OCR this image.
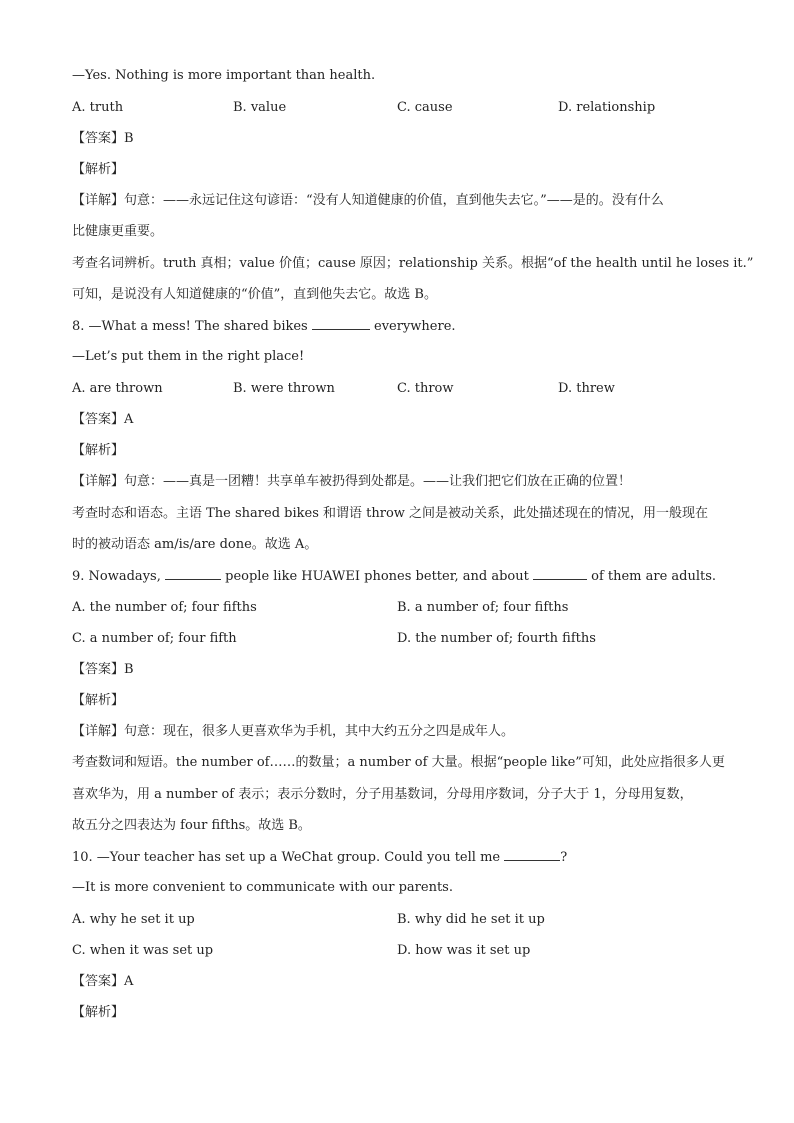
—Yes. Nothing is more important than health.
A. truth	B. value	C. cause	D. relationship
【答案】B
【解析】
【详解】句意：——永远记住这句谚语：“没有人知道健康的价值，直到他失去它。”——是的。没有什么
比健康更重要。
考查名词辨析。truth 真相；value 价值；cause 原因；relationship 关系。根据“of the health until he loses it.”
可知，是说没有人知道健康的“价值”，直到他失去它。故选 B。
8. —What a mess! The shared bikes	everywhere.
—Let’s put them in the right place!
A. are thrown	B. were thrown	C. throw	D. threw
【答案】A
【解析】
【详解】句意：——真是一团糟！共享单车被扔得到处都是。——让我们把它们放在正确的位置！
考查时态和语态。主语 The shared bikes 和谓语 throw 之间是被动关系，此处描述现在的情况，用一般现在
时的被动语态 am/is/are done。故选 A。
9. Nowadays,	people like HUAWEI phones better, and about	of them are adults.
A. the number of; four fifths	B. a number of; four fifths
C. a number of; four fifth	D. the number of; fourth fifths
【答案】B
【解析】
【详解】句意：现在，很多人更喜欢华为手机，其中大约五分之四是成年人。
考查数词和短语。the number of……的数量；a number of 大量。根据“people like”可知，此处应指很多人更
喜欢华为，用 a number of 表示；表示分数时，分子用基数词，分母用序数词，分子大于 1，分母用复数，
故五分之四表达为 four fifths。故选 B。
10. —Your teacher has set up a WeChat group. Could you tell me	?
—It is more convenient to communicate with our parents.
A. why he set it up	B. why did he set it up
C. when it was set up	D. how was it set up
【答案】A
【解析】
